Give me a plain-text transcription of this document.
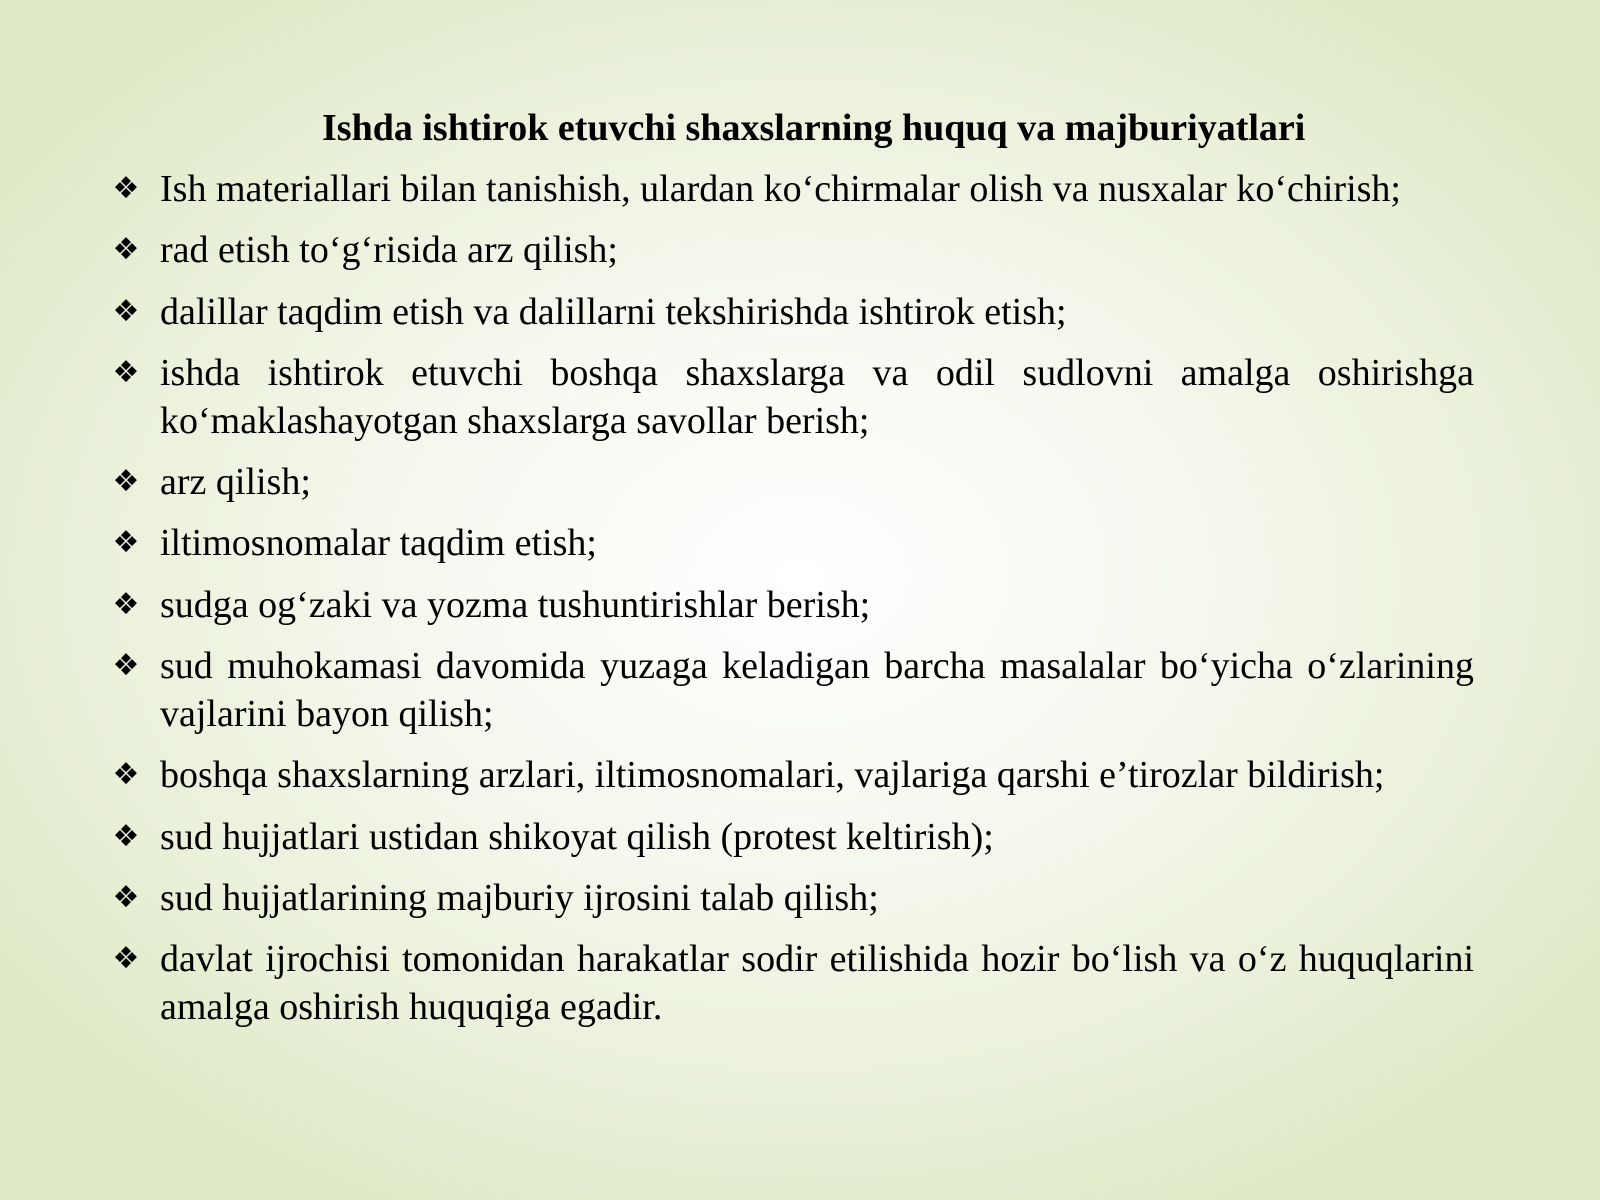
Ishda ishtirok etuvchi shaxslarning huquq va majburiyatlari
❖ Ish materiallari bilan tanishish, ulardan ko‘chirmalar olish va nusxalar ko‘chirish;
❖ rad etish to‘g‘risida arz qilish;
❖ dalillar taqdim etish va dalillarni tekshirishda ishtirok etish;
❖ ishda ishtirok etuvchi boshqa shaxslarga va odil sudlovni amalga oshirishga ko‘maklashayotgan shaxslarga savollar berish;
❖ arz qilish;
❖ iltimosnomalar taqdim etish;
❖ sudga og‘zaki va yozma tushuntirishlar berish;
❖ sud muhokamasi davomida yuzaga keladigan barcha masalalar bo‘yicha o‘zlarining vajlarini bayon qilish;
❖ boshqa shaxslarning arzlari, iltimosnomalari, vajlariga qarshi e’tirozlar bildirish;
❖ sud hujjatlari ustidan shikoyat qilish (protest keltirish);
❖ sud hujjatlarining majburiy ijrosini talab qilish;
❖ davlat ijrochisi tomonidan harakatlar sodir etilishida hozir bo‘lish va o‘z huquqlarini amalga oshirish huquqiga egadir.
